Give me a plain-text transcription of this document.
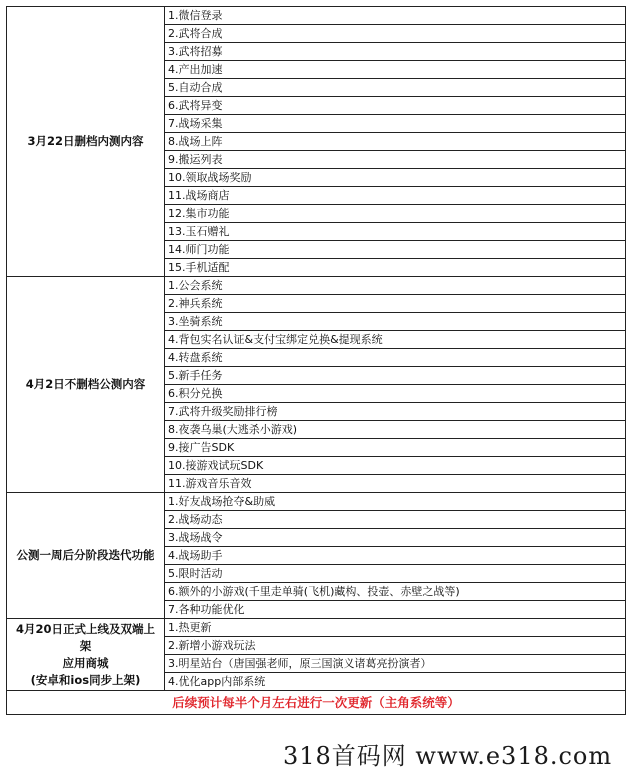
3月22日删档内测内容	1.微信登录
	2.武将合成
	3.武将招募
	4.产出加速
	5.自动合成
	6.武将异变
	7.战场采集
	8.战场上阵
	9.搬运列表
	10.领取战场奖励
	11.战场商店
	12.集市功能
	13.玉石赠礼
	14.师门功能
	15.手机适配
4月2日不删档公测内容	1.公会系统
	2.神兵系统
	3.坐骑系统
	4.背包实名认证&支付宝绑定兑换&提现系统
	4.转盘系统
	5.新手任务
	6.积分兑换
	7.武将升级奖励排行榜
	8.夜袭乌巢(大逃杀小游戏)
	9.接广告SDK
	10.接游戏试玩SDK
	11.游戏音乐音效
公测一周后分阶段迭代功能	1.好友战场抢夺&助威
	2.战场动态
	3.战场战令
	4.战场助手
	5.限时活动
	6.额外的小游戏(千里走单骑(飞机)藏构、投壶、赤壁之战等)
	7.各种功能优化
4月20日正式上线及双端上架
应用商城
(安卓和ios同步上架)	1.热更新
	2.新增小游戏玩法
	3.明星站台（唐国强老师，原三国演义诸葛亮扮演者）
	4.优化app内部系统
后续预计每半个月左右进行一次更新（主角系统等）	
318首码网 www.e318.com
